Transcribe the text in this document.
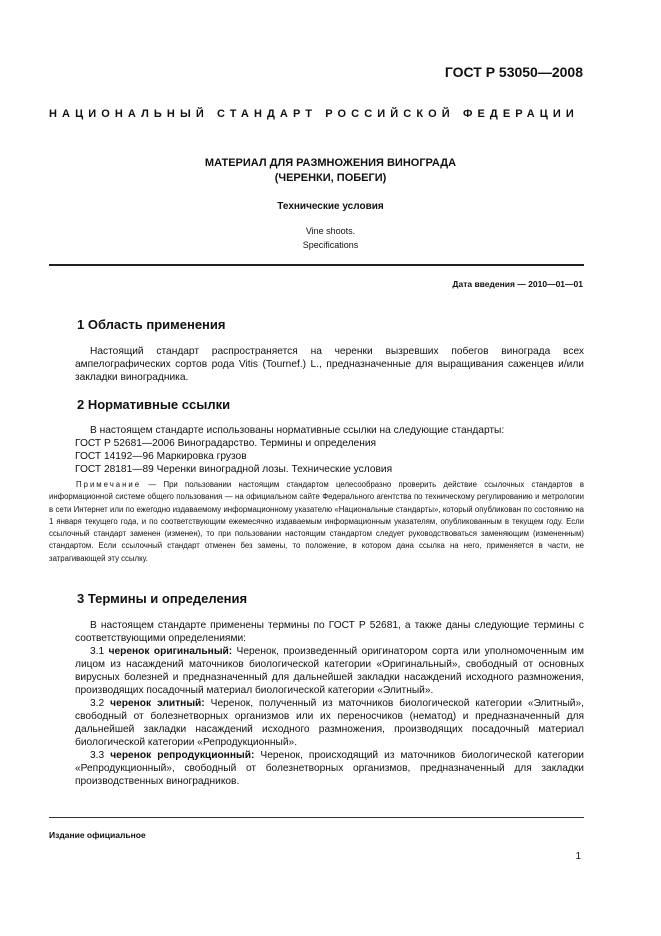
ГОСТ Р 53050—2008
НАЦИОНАЛЬНЫЙ СТАНДАРТ РОССИЙСКОЙ ФЕДЕРАЦИИ
МАТЕРИАЛ ДЛЯ РАЗМНОЖЕНИЯ ВИНОГРАДА
(ЧЕРЕНКИ, ПОБЕГИ)
Технические условия
Vine shoots.
Specifications
Дата введения — 2010—01—01
1 Область применения

Настоящий стандарт распространяется на черенки вызревших побегов винограда всех ампелографических сортов рода Vitis (Tournef.) L., предназначенные для выращивания саженцев и/или закладки виноградника.

2 Нормативные ссылки

В настоящем стандарте использованы нормативные ссылки на следующие стандарты:

ГОСТ Р 52681—2006 Виноградарство. Термины и определения

ГОСТ 14192—96 Маркировка грузов

ГОСТ 28181—89 Черенки виноградной лозы. Технические условия

Примечание — При пользовании настоящим стандартом целесообразно проверить действие ссылочных стандартов в информационной системе общего пользования — на официальном сайте Федерального агентства по техническому регулированию и метрологии в сети Интернет или по ежегодно издаваемому информационному указателю «Национальные стандарты», который опубликован по состоянию на 1 января текущего года, и по соответствующим ежемесячно издаваемым информационным указателям, опубликованным в текущем году. Если ссылочный стандарт заменен (изменен), то при пользовании настоящим стандартом следует руководствоваться заменяющим (измененным) стандартом. Если ссылочный стандарт отменен без замены, то положение, в котором дана ссылка на него, применяется в части, не затрагивающей эту ссылку.

3 Термины и определения

В настоящем стандарте применены термины по ГОСТ Р 52681, а также даны следующие термины с соответствующими определениями:

3.1 черенок оригинальный: Черенок, произведенный оригинатором сорта или уполномоченным им лицом из насаждений маточников биологической категории «Оригинальный», свободный от основных вирусных болезней и предназначенный для дальнейшей закладки насаждений исходного размножения, производящих посадочный материал биологической категории «Элитный».

3.2 черенок элитный: Черенок, полученный из маточников биологической категории «Элитный», свободный от болезнетворных организмов или их переносчиков (нематод) и предназначенный для дальнейшей закладки насаждений исходного размножения, производящих посадочный материал биологической категории «Репродукционный».

3.3 черенок репродукционный: Черенок, происходящий из маточников биологической категории «Репродукционный», свободный от болезнетворных организмов, предназначенный для закладки производственных виноградников.

Издание официальное
1
